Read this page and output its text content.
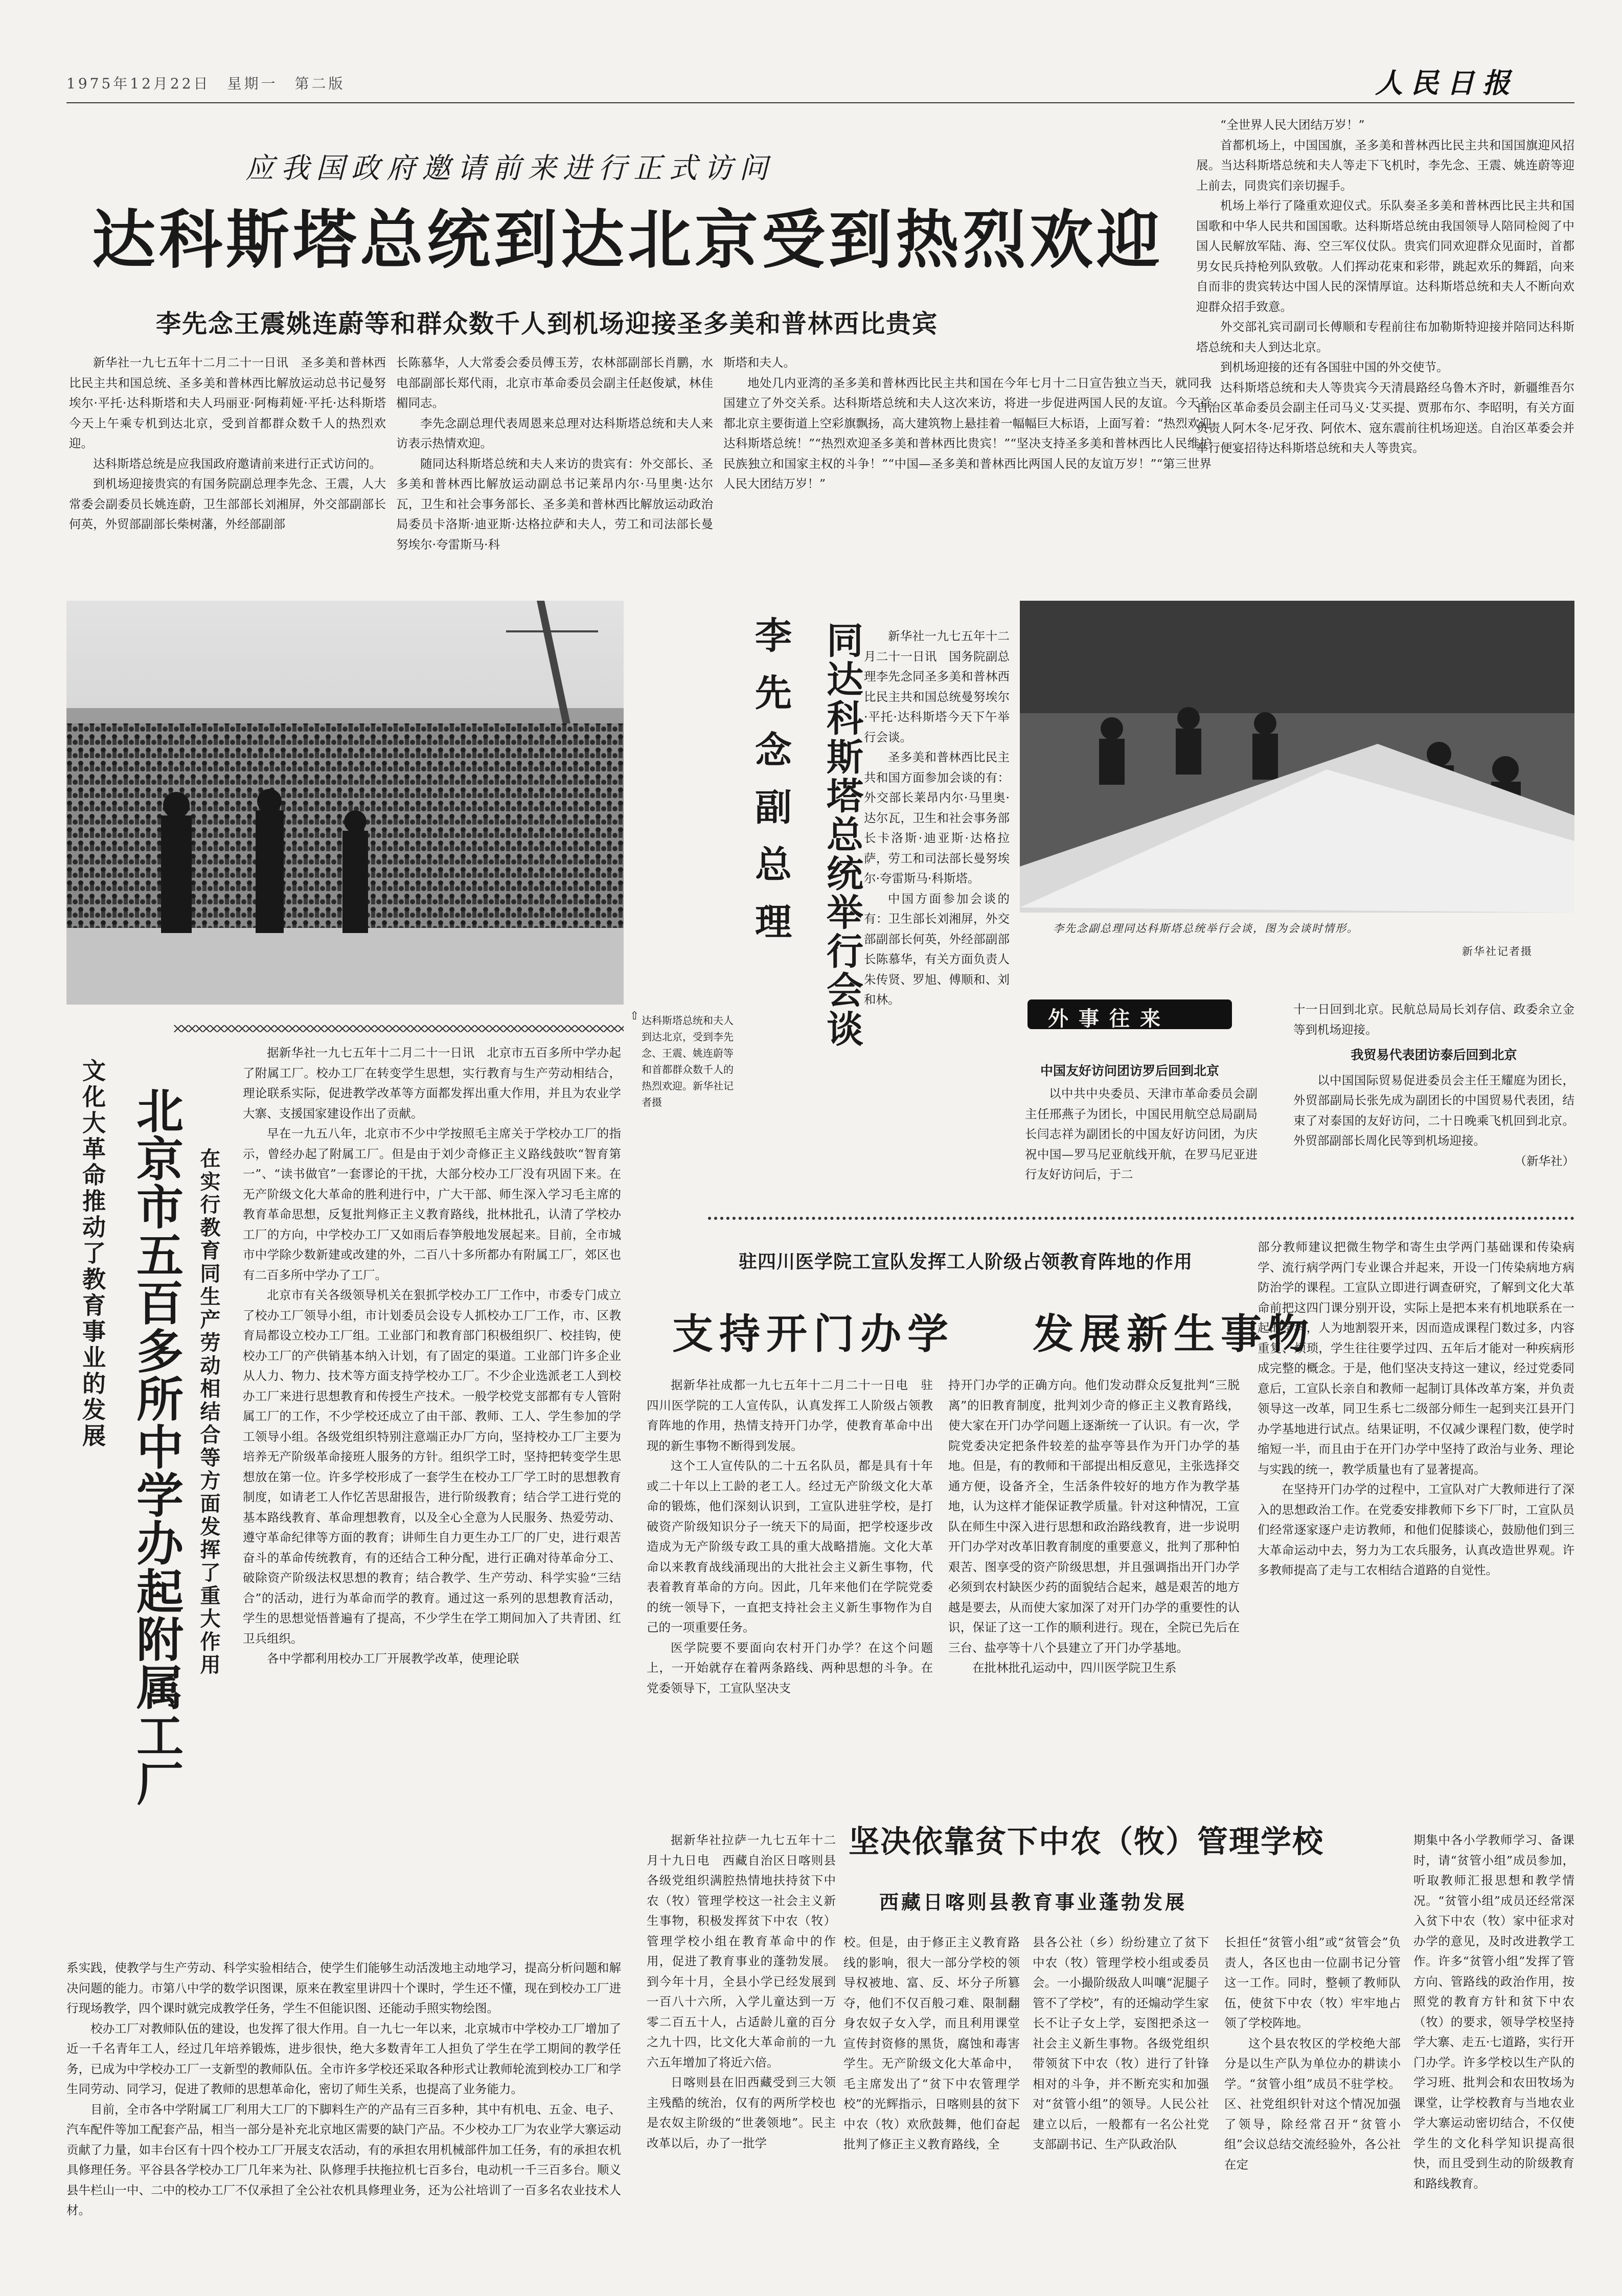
1975年12月22日　星期一　第二版	人民日报
应我国政府邀请前来进行正式访问
达科斯塔总统到达北京受到热烈欢迎
李先念王震姚连蔚等和群众数千人到机场迎接圣多美和普林西比贵宾

新华社一九七五年十二月二十一日讯　圣多美和普林西比民主共和国总统、圣多美和普林西比解放运动总书记曼努埃尔·平托·达科斯塔和夫人玛丽亚·阿梅莉娅·平托·达科斯塔今天上午乘专机到达北京，受到首都群众数千人的热烈欢迎。

达科斯塔总统是应我国政府邀请前来进行正式访问的。

到机场迎接贵宾的有国务院副总理李先念、王震，人大常委会副委员长姚连蔚，卫生部部长刘湘屏，外交部副部长何英，外贸部副部长柴树藩，外经部副部

长陈慕华，人大常委会委员傅玉芳，农林部副部长肖鹏，水电部副部长郑代雨，北京市革命委员会副主任赵俊斌，林佳楣同志。

李先念副总理代表周恩来总理对达科斯塔总统和夫人来访表示热情欢迎。

随同达科斯塔总统和夫人来访的贵宾有：外交部长、圣多美和普林西比解放运动副总书记莱昂内尔·马里奥·达尔瓦，卫生和社会事务部长、圣多美和普林西比解放运动政治局委员卡洛斯·迪亚斯·达格拉萨和夫人，劳工和司法部长曼努埃尔·夸雷斯马·科

斯塔和夫人。

地处几内亚湾的圣多美和普林西比民主共和国在今年七月十二日宣告独立当天，就同我国建立了外交关系。达科斯塔总统和夫人这次来访，将进一步促进两国人民的友谊。今天首都北京主要街道上空彩旗飘扬，高大建筑物上悬挂着一幅幅巨大标语，上面写着：“热烈欢迎达科斯塔总统！”“热烈欢迎圣多美和普林西比贵宾！”“坚决支持圣多美和普林西比人民维护民族独立和国家主权的斗争！”“中国—圣多美和普林西比两国人民的友谊万岁！”“第三世界人民大团结万岁！”

“全世界人民大团结万岁！”

首都机场上，中国国旗，圣多美和普林西比民主共和国国旗迎风招展。当达科斯塔总统和夫人等走下飞机时，李先念、王震、姚连蔚等迎上前去，同贵宾们亲切握手。

机场上举行了隆重欢迎仪式。乐队奏圣多美和普林西比民主共和国国歌和中华人民共和国国歌。达科斯塔总统由我国领导人陪同检阅了中国人民解放军陆、海、空三军仪仗队。贵宾们同欢迎群众见面时，首都男女民兵持枪列队致敬。人们挥动花束和彩带，跳起欢乐的舞蹈，向来自而非的贵宾转达中国人民的深情厚谊。达科斯塔总统和夫人不断向欢迎群众招手致意。

外交部礼宾司副司长傅顺和专程前往布加勒斯特迎接并陪同达科斯塔总统和夫人到达北京。

到机场迎接的还有各国驻中国的外交使节。

达科斯塔总统和夫人等贵宾今天清晨路经乌鲁木齐时，新疆维吾尔自治区革命委员会副主任司马义·艾买提、贾那布尔、李昭明，有关方面负责人阿木冬·尼牙孜、阿依木、寇东震前往机场迎送。自治区革委会并举行便宴招待达科斯塔总统和夫人等贵宾。

李先念副总理 同达科斯塔总统举行会谈	新华社一九七五年十二月二十一日讯　国务院副总理李先念同圣多美和普林西比民主共和国总统曼努埃尔·平托·达科斯塔今天下午举行会谈。

圣多美和普林西比民主共和国方面参加会谈的有：外交部长莱昂内尔·马里奥·达尔瓦，卫生和社会事务部长卡洛斯·迪亚斯·达格拉萨，劳工和司法部长曼努埃尔·夸雷斯马·科斯塔。

中国方面参加会谈的有：卫生部长刘湘屏，外交部副部长何英，外经部副部长陈慕华，有关方面负责人朱传贤、罗旭、傅顺和、刘和林。

李先念副总理同达科斯塔总统举行会谈，图为会谈时情形。
新华社记者摄
⇧ 达科斯塔总统和夫人到达北京，受到李先念、王震、姚连蔚等和首都群众数千人的热烈欢迎。新华社记者摄
外事往来
中国友好访问团访罗后回到北京

以中共中央委员、天津市革命委员会副主任邢燕子为团长，中国民用航空总局副局长闫志祥为副团长的中国友好访问团，为庆祝中国—罗马尼亚航线开航，在罗马尼亚进行友好访问后，于二

十一日回到北京。民航总局局长刘存信、政委余立金等到机场迎接。

我贸易代表团访泰后回到北京

以中国国际贸易促进委员会主任王耀庭为团长，外贸部副局长张先成为副团长的中国贸易代表团，结束了对泰国的友好访问，二十日晚乘飞机回到北京。外贸部副部长周化民等到机场迎接。

（新华社）
文化大革命推动了教育事业的发展 北京市五百多所中学办起附属工厂 在实行教育同生产劳动相结合等方面发挥了重大作用

据新华社一九七五年十二月二十一日讯　北京市五百多所中学办起了附属工厂。校办工厂在转变学生思想，实行教育与生产劳动相结合，理论联系实际，促进教学改革等方面都发挥出重大作用，并且为农业学大寨、支援国家建设作出了贡献。

早在一九五八年，北京市不少中学按照毛主席关于学校办工厂的指示，曾经办起了附属工厂。但是由于刘少奇修正主义路线鼓吹“智育第一”、“读书做官”一套谬论的干扰，大部分校办工厂没有巩固下来。在无产阶级文化大革命的胜利进行中，广大干部、师生深入学习毛主席的教育革命思想，反复批判修正主义教育路线，批林批孔，认清了学校办工厂的方向，中学校办工厂又如雨后春笋般地发展起来。目前，全市城市中学除少数新建或改建的外，二百八十多所都办有附属工厂，郊区也有二百多所中学办了工厂。

北京市有关各级领导机关在狠抓学校办工厂工作中，市委专门成立了校办工厂领导小组，市计划委员会设专人抓校办工厂工作，市、区教育局都设立校办工厂组。工业部门和教育部门积极组织厂、校挂钩，使校办工厂的产供销基本纳入计划，有了固定的渠道。工业部门许多企业从人力、物力、技术等方面支持学校办工厂。不少企业选派老工人到校办工厂来进行思想教育和传授生产技术。一般学校党支部都有专人管附属工厂的工作，不少学校还成立了由干部、教师、工人、学生参加的学工领导小组。各级党组织特别注意端正办厂方向，坚持校办工厂主要为培养无产阶级革命接班人服务的方针。组织学工时，坚持把转变学生思想放在第一位。许多学校形成了一套学生在校办工厂学工时的思想教育制度，如请老工人作忆苦思甜报告，进行阶级教育；结合学工进行党的基本路线教育、革命理想教育，以及全心全意为人民服务、热爱劳动、遵守革命纪律等方面的教育；讲师生自力更生办工厂的厂史，进行艰苦奋斗的革命传统教育，有的还结合工种分配，进行正确对待革命分工、破除资产阶级法权思想的教育；结合教学、生产劳动、科学实验“三结合”的活动，进行为革命而学的教育。通过这一系列的思想教育活动，学生的思想觉悟普遍有了提高，不少学生在学工期间加入了共青团、红卫兵组织。

各中学都利用校办工厂开展教学改革，使理论联

系实践，使教学与生产劳动、科学实验相结合，使学生们能够生动活泼地主动地学习，提高分析问题和解决问题的能力。市第八中学的数学识图课，原来在教室里讲四十个课时，学生还不懂，现在到校办工厂进行现场教学，四个课时就完成教学任务，学生不但能识图、还能动手照实物绘图。

校办工厂对教师队伍的建设，也发挥了很大作用。自一九七一年以来，北京城市中学校办工厂增加了近一千名青年工人，经过几年培养锻炼，进步很快，绝大多数青年工人担负了学生在学工期间的教学任务，已成为中学校办工厂一支新型的教师队伍。全市许多学校还采取各种形式让教师轮流到校办工厂和学生同劳动、同学习，促进了教师的思想革命化，密切了师生关系，也提高了业务能力。

目前，全市各中学附属工厂利用大工厂的下脚料生产的产品有三百多种，其中有机电、五金、电子、汽车配件等加工配套产品，相当一部分是补充北京地区需要的缺门产品。不少校办工厂为农业学大寨运动贡献了力量，如丰台区有十四个校办工厂开展支农活动，有的承担农用机械部件加工任务，有的承担农机具修理任务。平谷县各学校办工厂几年来为社、队修理手扶拖拉机七百多台，电动机一千三百多台。顺义县牛栏山一中、二中的校办工厂不仅承担了全公社农机具修理业务，还为公社培训了一百多名农业技术人材。

驻四川医学院工宣队发挥工人阶级占领教育阵地的作用
支持开门办学 发展新生事物

据新华社成都一九七五年十二月二十一日电　驻四川医学院的工人宣传队，认真发挥工人阶级占领教育阵地的作用，热情支持开门办学，使教育革命中出现的新生事物不断得到发展。

这个工人宣传队的二十五名队员，都是具有十年或二十年以上工龄的老工人。经过无产阶级文化大革命的锻炼，他们深刻认识到，工宣队进驻学校，是打破资产阶级知识分子一统天下的局面，把学校逐步改造成为无产阶级专政工具的重大战略措施。文化大革命以来教育战线涌现出的大批社会主义新生事物，代表着教育革命的方向。因此，几年来他们在学院党委的统一领导下，一直把支持社会主义新生事物作为自己的一项重要任务。

医学院要不要面向农村开门办学？在这个问题上，一开始就存在着两条路线、两种思想的斗争。在党委领导下，工宣队坚决支

持开门办学的正确方向。他们发动群众反复批判“三脱离”的旧教育制度，批判刘少奇的修正主义教育路线，使大家在开门办学问题上逐渐统一了认识。有一次，学院党委决定把条件较差的盐亭等县作为开门办学的基地。但是，有的教师和干部提出相反意见，主张选择交通方便，设备齐全，生活条件较好的地方作为教学基地，认为这样才能保证教学质量。针对这种情况，工宣队在师生中深入进行思想和政治路线教育，进一步说明开门办学对改革旧教育制度的重要意义，批判了那种怕艰苦、图享受的资产阶级思想，并且强调指出开门办学必须到农村缺医少药的面貌结合起来，越是艰苦的地方越是要去，从而使大家加深了对开门办学的重要性的认识，保证了这一工作的顺利进行。现在，全院已先后在三台、盐亭等十八个县建立了开门办学基地。

在批林批孔运动中，四川医学院卫生系

部分教师建议把微生物学和寄生虫学两门基础课和传染病学、流行病学两门专业课合并起来，开设一门传染病地方病防治学的课程。工宣队立即进行调查研究，了解到文化大革命前把这四门课分别开设，实际上是把本来有机地联系在一起的学科，人为地割裂开来，因而造成课程门数过多，内容重复、烦琐，学生往往要学过四、五年后才能对一种疾病形成完整的概念。于是，他们坚决支持这一建议，经过党委同意后，工宣队长亲自和教师一起制订具体改革方案，并负责领导这一改革，同卫生系七二级部分师生一起到夹江县开门办学基地进行试点。结果证明，不仅减少课程门数，使学时缩短一半，而且由于在开门办学中坚持了政治与业务、理论与实践的统一，教学质量也有了显著提高。

在坚持开门办学的过程中，工宣队对广大教师进行了深入的思想政治工作。在党委安排教师下乡下厂时，工宣队员们经常逐家逐户走访教师，和他们促膝谈心，鼓励他们到三大革命运动中去，努力为工农兵服务，认真改造世界观。许多教师提高了走与工农相结合道路的自觉性。

坚决依靠贫下中农（牧）管理学校
西藏日喀则县教育事业蓬勃发展

据新华社拉萨一九七五年十二月十九日电　西藏自治区日喀则县各级党组织满腔热情地扶持贫下中农（牧）管理学校这一社会主义新生事物，积极发挥贫下中农（牧）管理学校小组在教育革命中的作用，促进了教育事业的蓬勃发展。到今年十月，全县小学已经发展到一百八十六所，入学儿童达到一万零二百五十人，占适龄儿童的百分之九十四，比文化大革命前的一九六五年增加了将近六倍。

日喀则县在旧西藏受到三大领主残酷的统治，仅有的两所学校也是农奴主阶级的“世袭领地”。民主改革以后，办了一批学

校。但是，由于修正主义教育路线的影响，很大一部分学校的领导权被地、富、反、坏分子所篡夺，他们不仅百般刁难、限制翻身农奴子女入学，而且利用课堂宣传封资修的黑货，腐蚀和毒害学生。无产阶级文化大革命中，毛主席发出了“贫下中农管理学校”的光辉指示，日喀则县的贫下中农（牧）欢欣鼓舞，他们奋起批判了修正主义教育路线，全

县各公社（乡）纷纷建立了贫下中农（牧）管理学校小组或委员会。一小撮阶级敌人叫嚷“泥腿子管不了学校”，有的还煽动学生家长不让子女上学，妄图把杀这一社会主义新生事物。各级党组织带领贫下中农（牧）进行了针锋相对的斗争，并不断充实和加强对“贫管小组”的领导。人民公社建立以后，一般都有一名公社党支部副书记、生产队政治队

长担任“贫管小组”或“贫管会”负责人，各区也由一位副书记分管这一工作。同时，整顿了教师队伍，使贫下中农（牧）牢牢地占领了学校阵地。

这个县农牧区的学校绝大部分是以生产队为单位办的耕读小学。“贫管小组”成员不驻学校。区、社党组织针对这个情况加强了领导，除经常召开“贫管小组”会议总结交流经验外，各公社在定

期集中各小学教师学习、备课时，请“贫管小组”成员参加，听取教师汇报思想和教学情况。“贫管小组”成员还经常深入贫下中农（牧）家中征求对办学的意见，及时改进教学工作。许多“贫管小组”发挥了管方向、管路线的政治作用，按照党的教育方针和贫下中农（牧）的要求，领导学校坚持学大寨、走五·七道路，实行开门办学。许多学校以生产队的学习班、批判会和农田牧场为课堂，让学校教育与当地农业学大寨运动密切结合，不仅使学生的文化科学知识提高很快，而且受到生动的阶级教育和路线教育。
